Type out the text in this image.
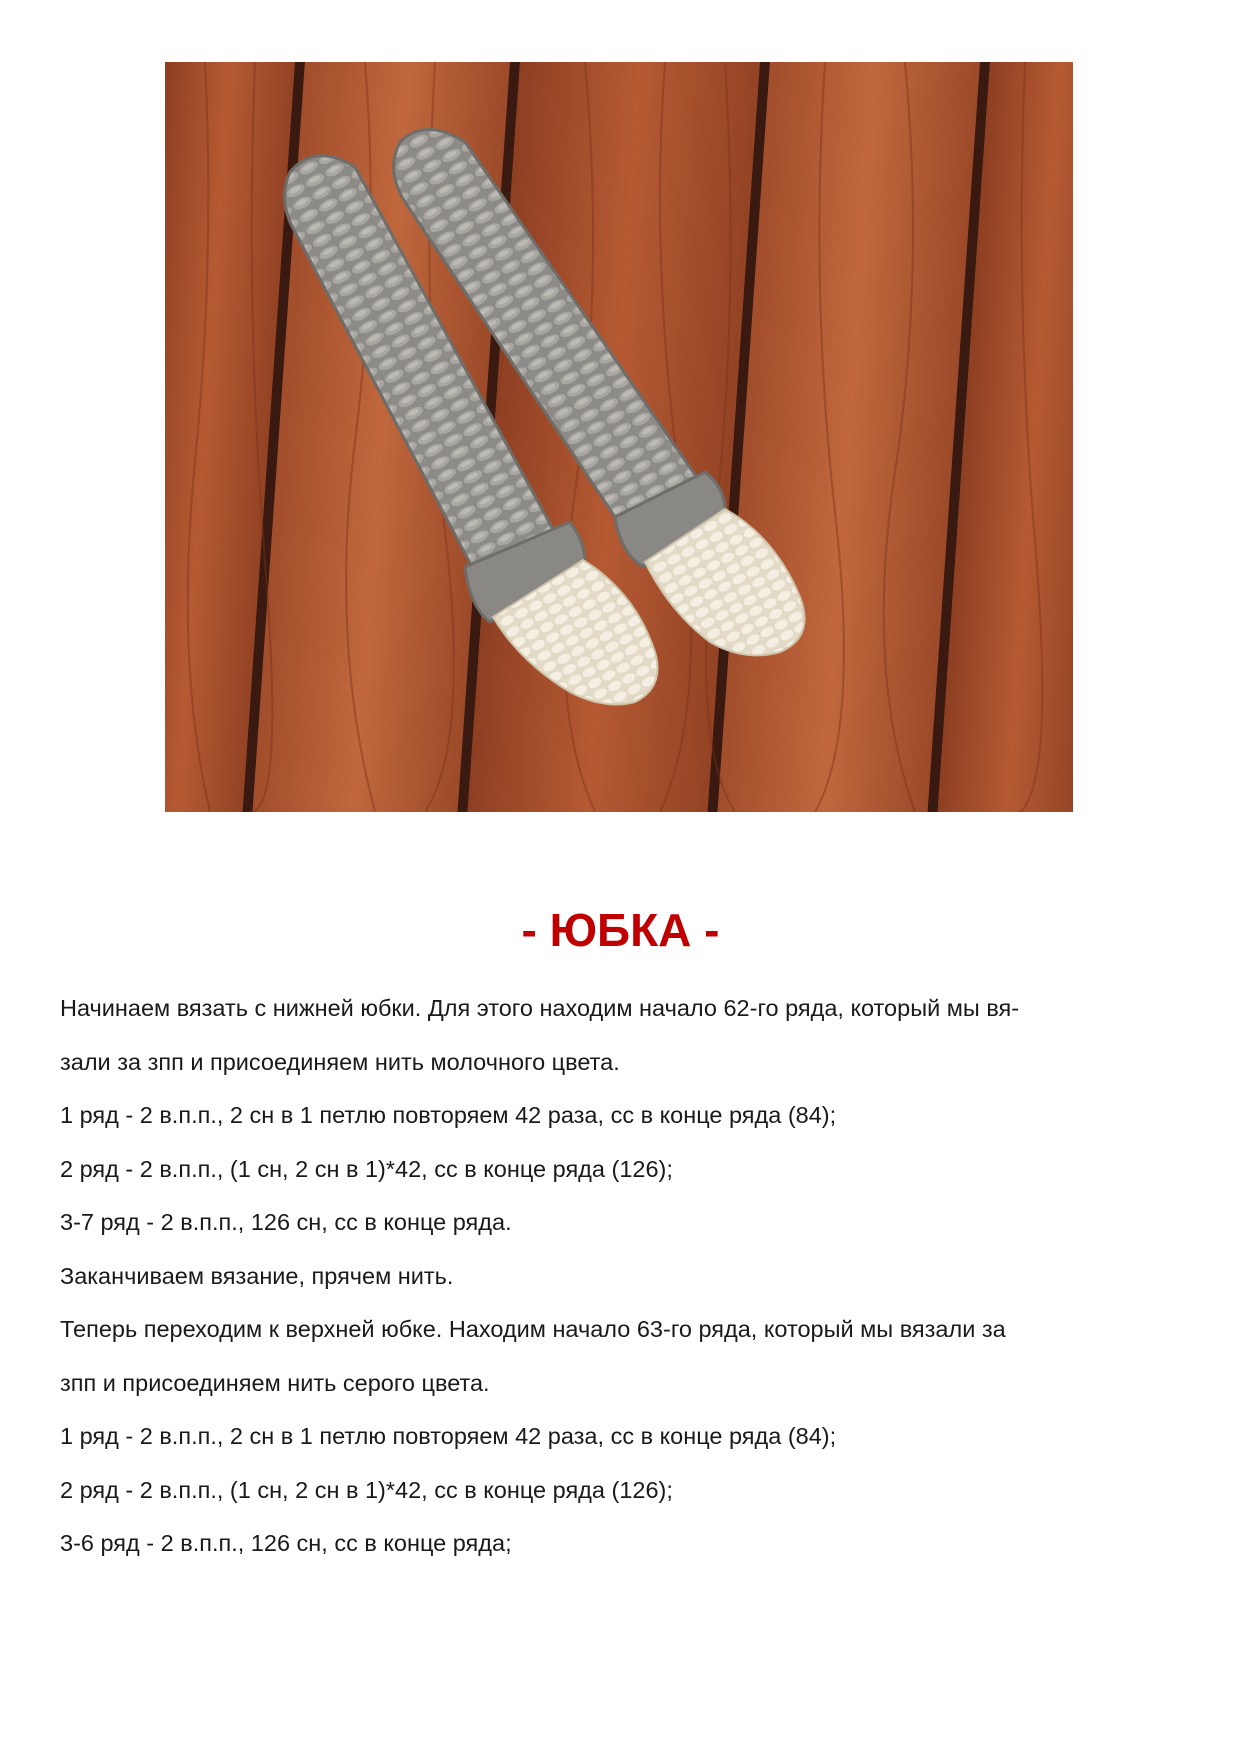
- ЮБКА -

Начинаем вязать с нижней юбки. Для этого находим начало 62-го ряда, который мы вя-

зали за зпп и присоединяем нить молочного цвета.

1 ряд - 2 в.п.п., 2 сн в 1 петлю повторяем 42 раза, сс в конце ряда (84);

2 ряд - 2 в.п.п., (1 сн, 2 сн в 1)*42, сс в конце ряда (126);

3-7 ряд - 2 в.п.п., 126 сн, сс в конце ряда.

Заканчиваем вязание, прячем нить.

Теперь переходим к верхней юбке. Находим начало 63-го ряда, который мы вязали за

зпп и присоединяем нить серого цвета.

1 ряд - 2 в.п.п., 2 сн в 1 петлю повторяем 42 раза, сс в конце ряда (84);

2 ряд - 2 в.п.п., (1 сн, 2 сн в 1)*42, сс в конце ряда (126);

3-6 ряд - 2 в.п.п., 126 сн, сс в конце ряда;
